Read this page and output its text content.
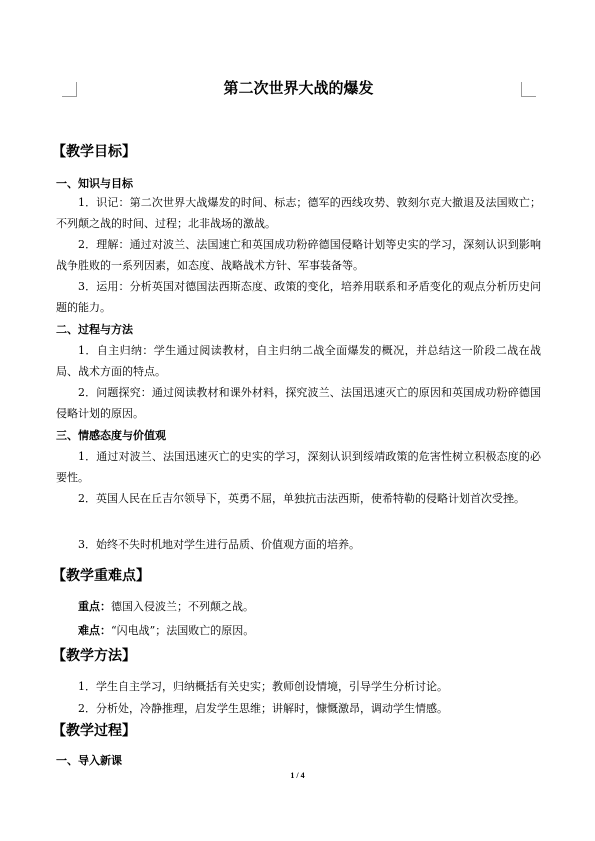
第二次世界大战的爆发
【教学目标】
一、知识与目标
1．识记：第二次世界大战爆发的时间、标志；德军的西线攻势、敦刻尔克大撤退及法国败亡；不列颠之战的时间、过程；北非战场的激战。
2．理解：通过对波兰、法国速亡和英国成功粉碎德国侵略计划等史实的学习，深刻认识到影响战争胜败的一系列因素，如态度、战略战术方针、军事装备等。
3．运用：分析英国对德国法西斯态度、政策的变化，培养用联系和矛盾变化的观点分析历史问题的能力。
二、过程与方法
1．自主归纳：学生通过阅读教材，自主归纳二战全面爆发的概况，并总结这一阶段二战在战局、战术方面的特点。
2．问题探究：通过阅读教材和课外材料，探究波兰、法国迅速灭亡的原因和英国成功粉碎德国侵略计划的原因。
三、情感态度与价值观
1．通过对波兰、法国迅速灭亡的史实的学习，深刻认识到绥靖政策的危害性树立积极态度的必要性。
2．英国人民在丘吉尔领导下，英勇不屈，单独抗击法西斯，使希特勒的侵略计划首次受挫。
3．始终不失时机地对学生进行品质、价值观方面的培养。
【教学重难点】
重点：德国入侵波兰；不列颠之战。
难点：“闪电战”；法国败亡的原因。
【教学方法】
1．学生自主学习，归纳概括有关史实；教师创设情境，引导学生分析讨论。
2．分析处，冷静推理，启发学生思维；讲解时，慷慨激昂，调动学生情感。
【教学过程】
一、导入新课
1 / 4
